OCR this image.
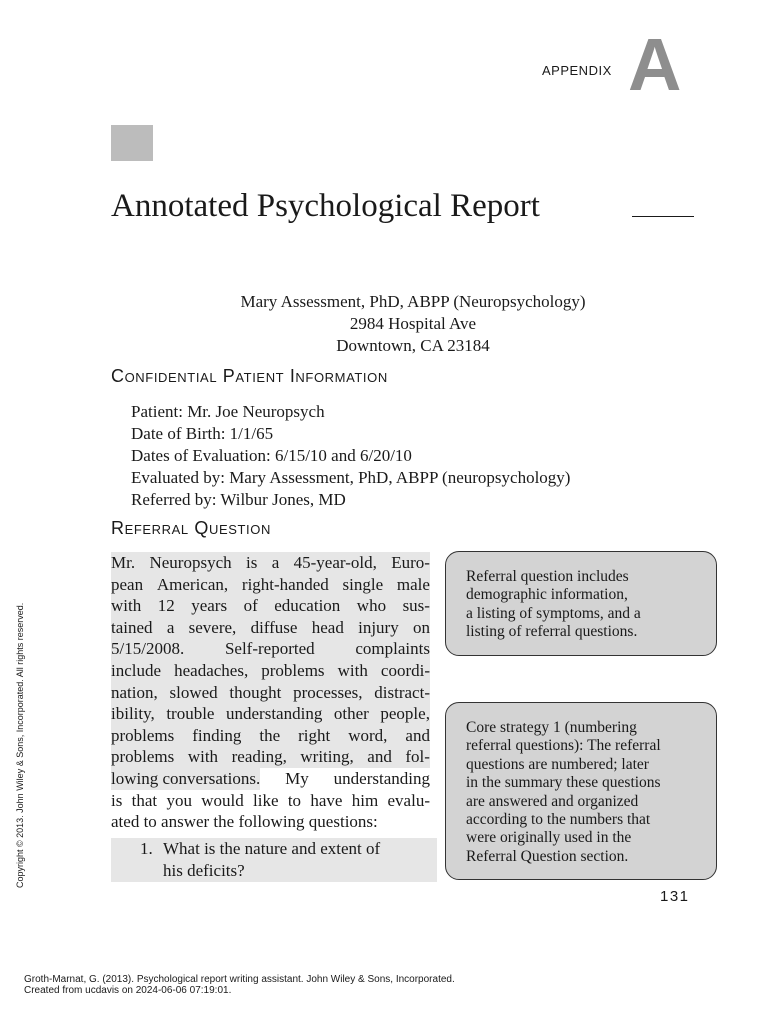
APPENDIX A
Annotated Psychological Report
Mary Assessment, PhD, ABPP (Neuropsychology)
2984 Hospital Ave
Downtown, CA 23184
Confidential Patient Information
Patient: Mr. Joe Neuropsych
Date of Birth: 1/1/65
Dates of Evaluation: 6/15/10 and 6/20/10
Evaluated by: Mary Assessment, PhD, ABPP (neuropsychology)
Referred by: Wilbur Jones, MD
Referral Question
Mr. Neuropsych is a 45-year-old, Euro-
pean American, right-handed single male
with 12 years of education who sus-
tained a severe, diffuse head injury on
5/15/2008. Self-reported complaints
include headaches, problems with coordi-
nation, slowed thought processes, distract-
ibility, trouble understanding other people,
problems finding the right word, and
problems with reading, writing, and fol-
lowing conversations. My understanding
is that you would like to have him evalu-
ated to answer the following questions:
1. What is the nature and extent of
his deficits?
Referral question includes
demographic information,
a listing of symptoms, and a
listing of referral questions.
Core strategy 1 (numbering
referral questions): The referral
questions are numbered; later
in the summary these questions
are answered and organized
according to the numbers that
were originally used in the
Referral Question section.
131
Copyright © 2013. John Wiley & Sons, Incorporated. All rights reserved.
Groth-Marnat, G. (2013). Psychological report writing assistant. John Wiley & Sons, Incorporated.
Created from ucdavis on 2024-06-06 07:19:01.
